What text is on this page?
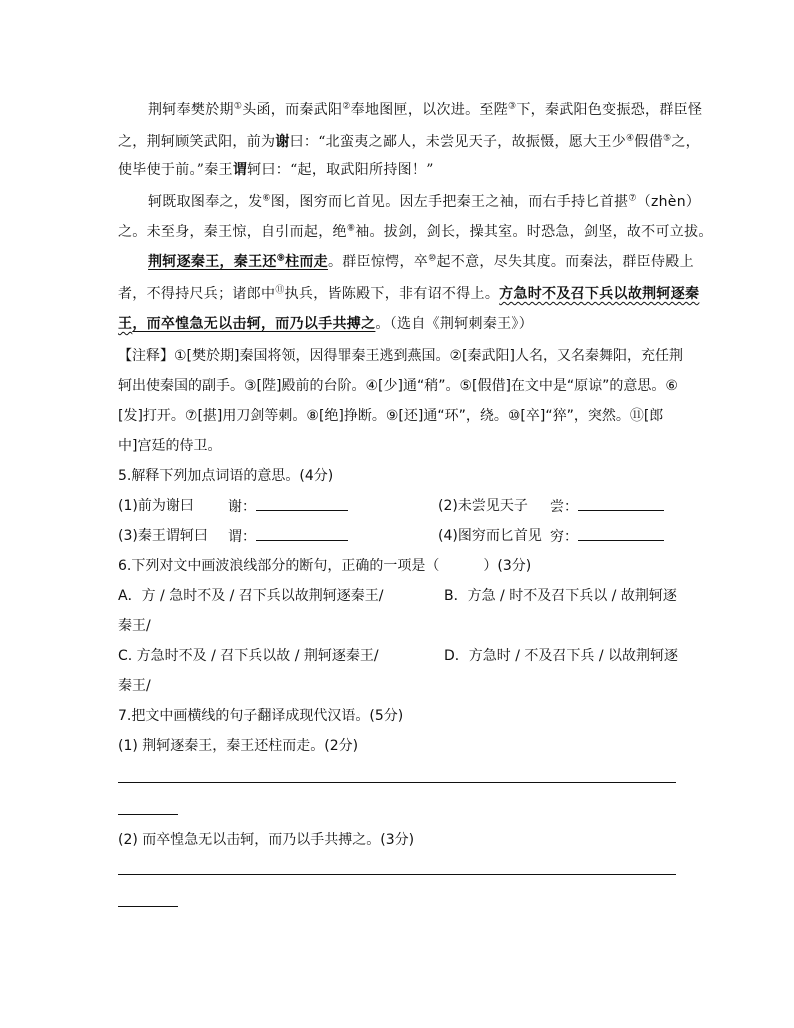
荆轲奉樊於期①头函，而秦武阳②奉地图匣，以次进。至陛③下，秦武阳色变振恐，群臣怪
之，荆轲顾笑武阳，前为谢曰：“北蛮夷之鄙人，未尝见天子，故振慑，愿大王少④假借⑤之，
使毕使于前。”秦王谓轲曰：“起，取武阳所持图！”
轲既取图奉之，发⑥图，图穷而匕首见。因左手把秦王之袖，而右手持匕首揕⑦（zhèn）
之。未至身，秦王惊，自引而起，绝⑧袖。拔剑，剑长，操其室。时恐急，剑坚，故不可立拔。
荆轲逐秦王，秦王还⑨柱而走。群臣惊愕，卒⑩起不意，尽失其度。而秦法，群臣侍殿上
者，不得持尺兵；诸郎中⑪执兵，皆陈殿下，非有诏不得上。方急时不及召下兵以故荆轲逐秦
王，而卒惶急无以击轲，而乃以手共搏之。（选自《荆轲刺秦王》）
【注释】①[樊於期]秦国将领，因得罪秦王逃到燕国。②[秦武阳]人名，又名秦舞阳，充任荆
轲出使秦国的副手。③[陛]殿前的台阶。④[少]通“稍”。⑤[假借]在文中是“原谅”的意思。⑥
[发]打开。⑦[揕]用刀剑等刺。⑧[绝]挣断。⑨[还]通“环”，绕。⑩[卒]“猝”，突然。⑪[郎
中]宫廷的侍卫。
5.解释下列加点词语的意思。(4分)
(1)前为谢曰 谢：	(2)未尝见天子 尝：
(3)秦王谓轲曰 谓：	(4)图穷而匕首见 穷：
6.下列对文中画波浪线部分的断句，正确的一项是（	）(3分)
A．方 / 急时不及 / 召下兵以故荆轲逐秦王/	B．方急 / 时不及召下兵以 / 故荆轲逐
秦王/
C. 方急时不及 / 召下兵以故 / 荆轲逐秦王/	D．方急时 / 不及召下兵 / 以故荆轲逐
秦王/
7.把文中画横线的句子翻译成现代汉语。(5分)
(1) 荆轲逐秦王，秦王还柱而走。(2分)
(2) 而卒惶急无以击轲，而乃以手共搏之。(3分)
